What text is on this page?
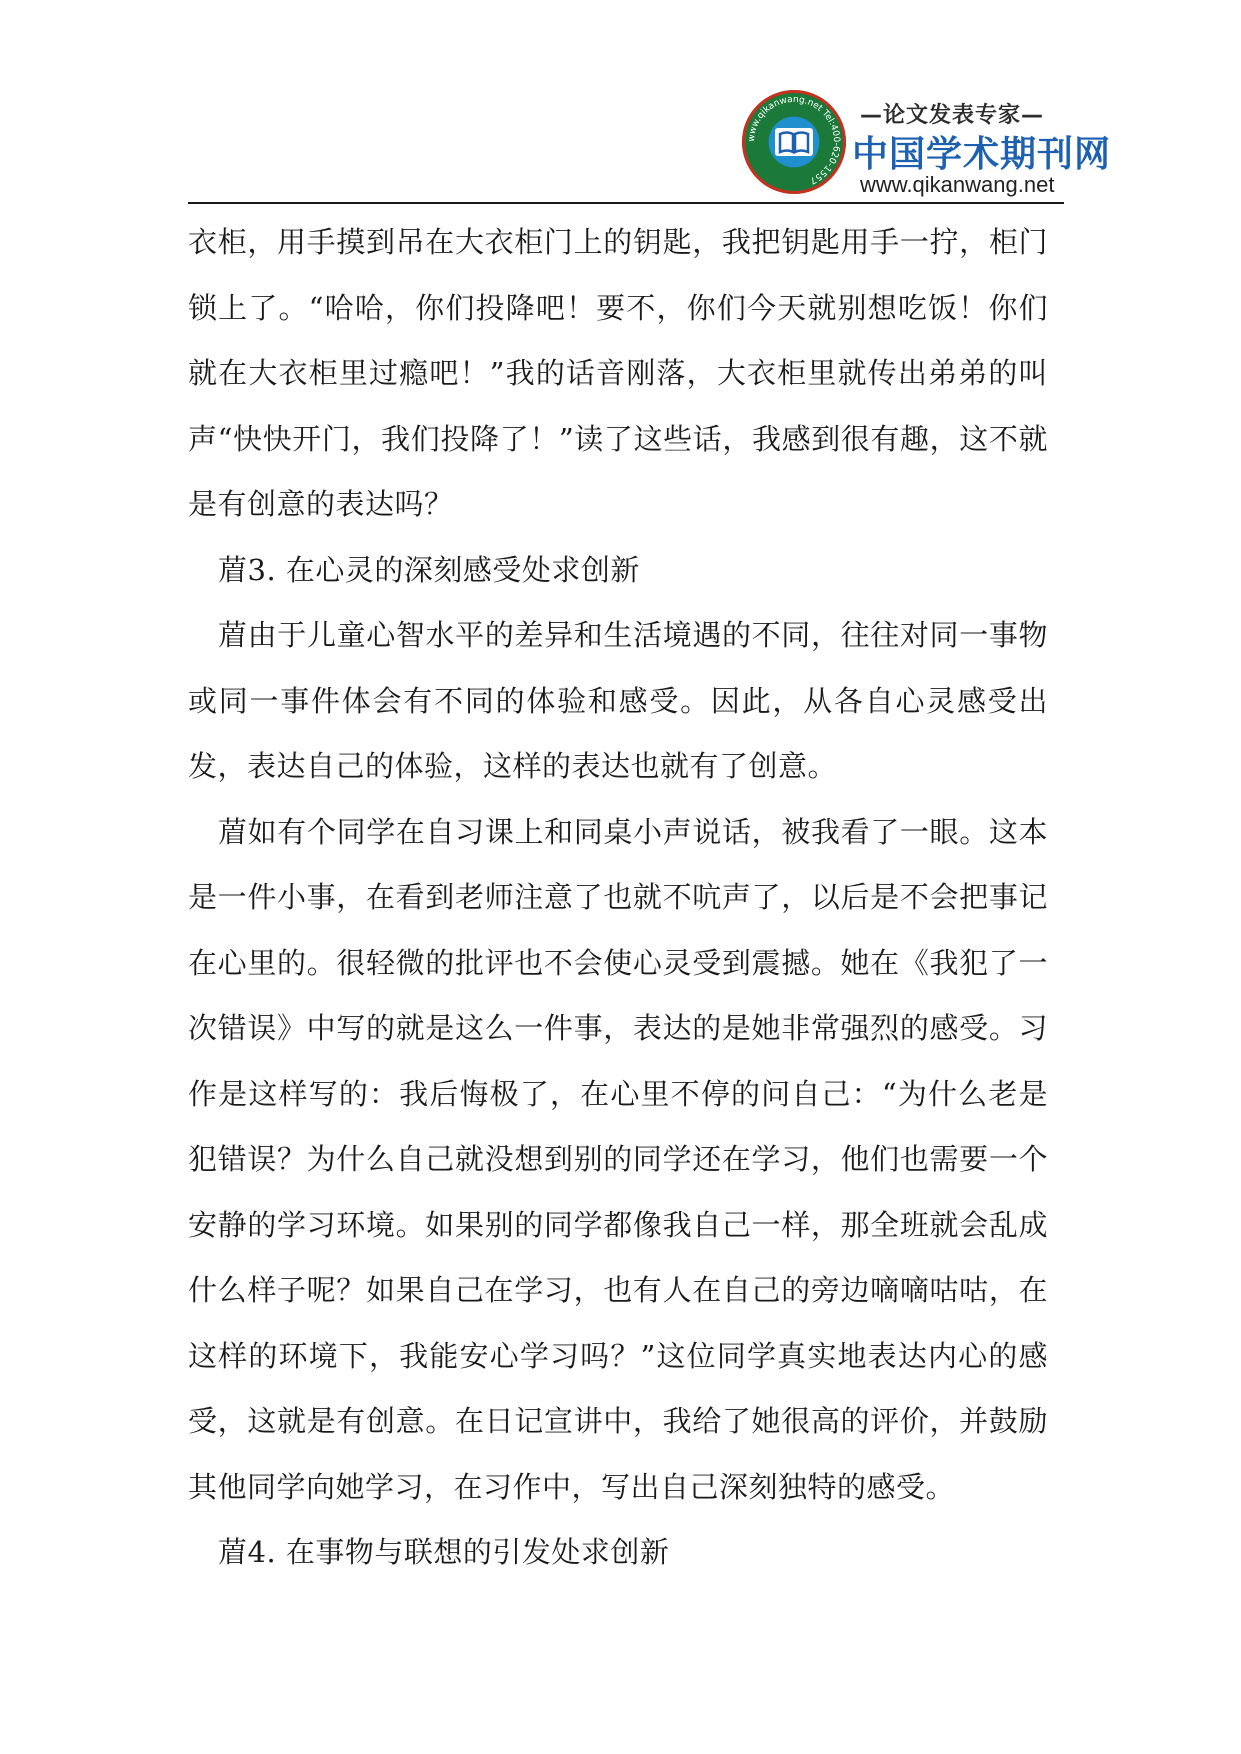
www.qikanwang.net Tel:400-620-1557
—论文发表专家—
中国学术期刊网
www.qikanwang.net

衣柜，用手摸到吊在大衣柜门上的钥匙，我把钥匙用手一拧，柜门锁上了。“哈哈，你们投降吧！要不，你们今天就别想吃饭！你们就在大衣柜里过瘾吧！”我的话音刚落，大衣柜里就传出弟弟的叫声“快快开门，我们投降了！”读了这些话，我感到很有趣，这不就是有创意的表达吗？

葿3. 在心灵的深刻感受处求创新

葿由于儿童心智水平的差异和生活境遇的不同，往往对同一事物或同一事件体会有不同的体验和感受。因此，从各自心灵感受出发，表达自己的体验，这样的表达也就有了创意。

葿如有个同学在自习课上和同桌小声说话，被我看了一眼。这本是一件小事，在看到老师注意了也就不吭声了，以后是不会把事记在心里的。很轻微的批评也不会使心灵受到震撼。她在《我犯了一次错误》中写的就是这么一件事，表达的是她非常强烈的感受。习作是这样写的：我后悔极了，在心里不停的问自己：“为什么老是犯错误？为什么自己就没想到别的同学还在学习，他们也需要一个安静的学习环境。如果别的同学都像我自己一样，那全班就会乱成什么样子呢？如果自己在学习，也有人在自己的旁边嘀嘀咕咕，在这样的环境下，我能安心学习吗？”这位同学真实地表达内心的感受，这就是有创意。在日记宣讲中，我给了她很高的评价，并鼓励其他同学向她学习，在习作中，写出自己深刻独特的感受。

葿4. 在事物与联想的引发处求创新
